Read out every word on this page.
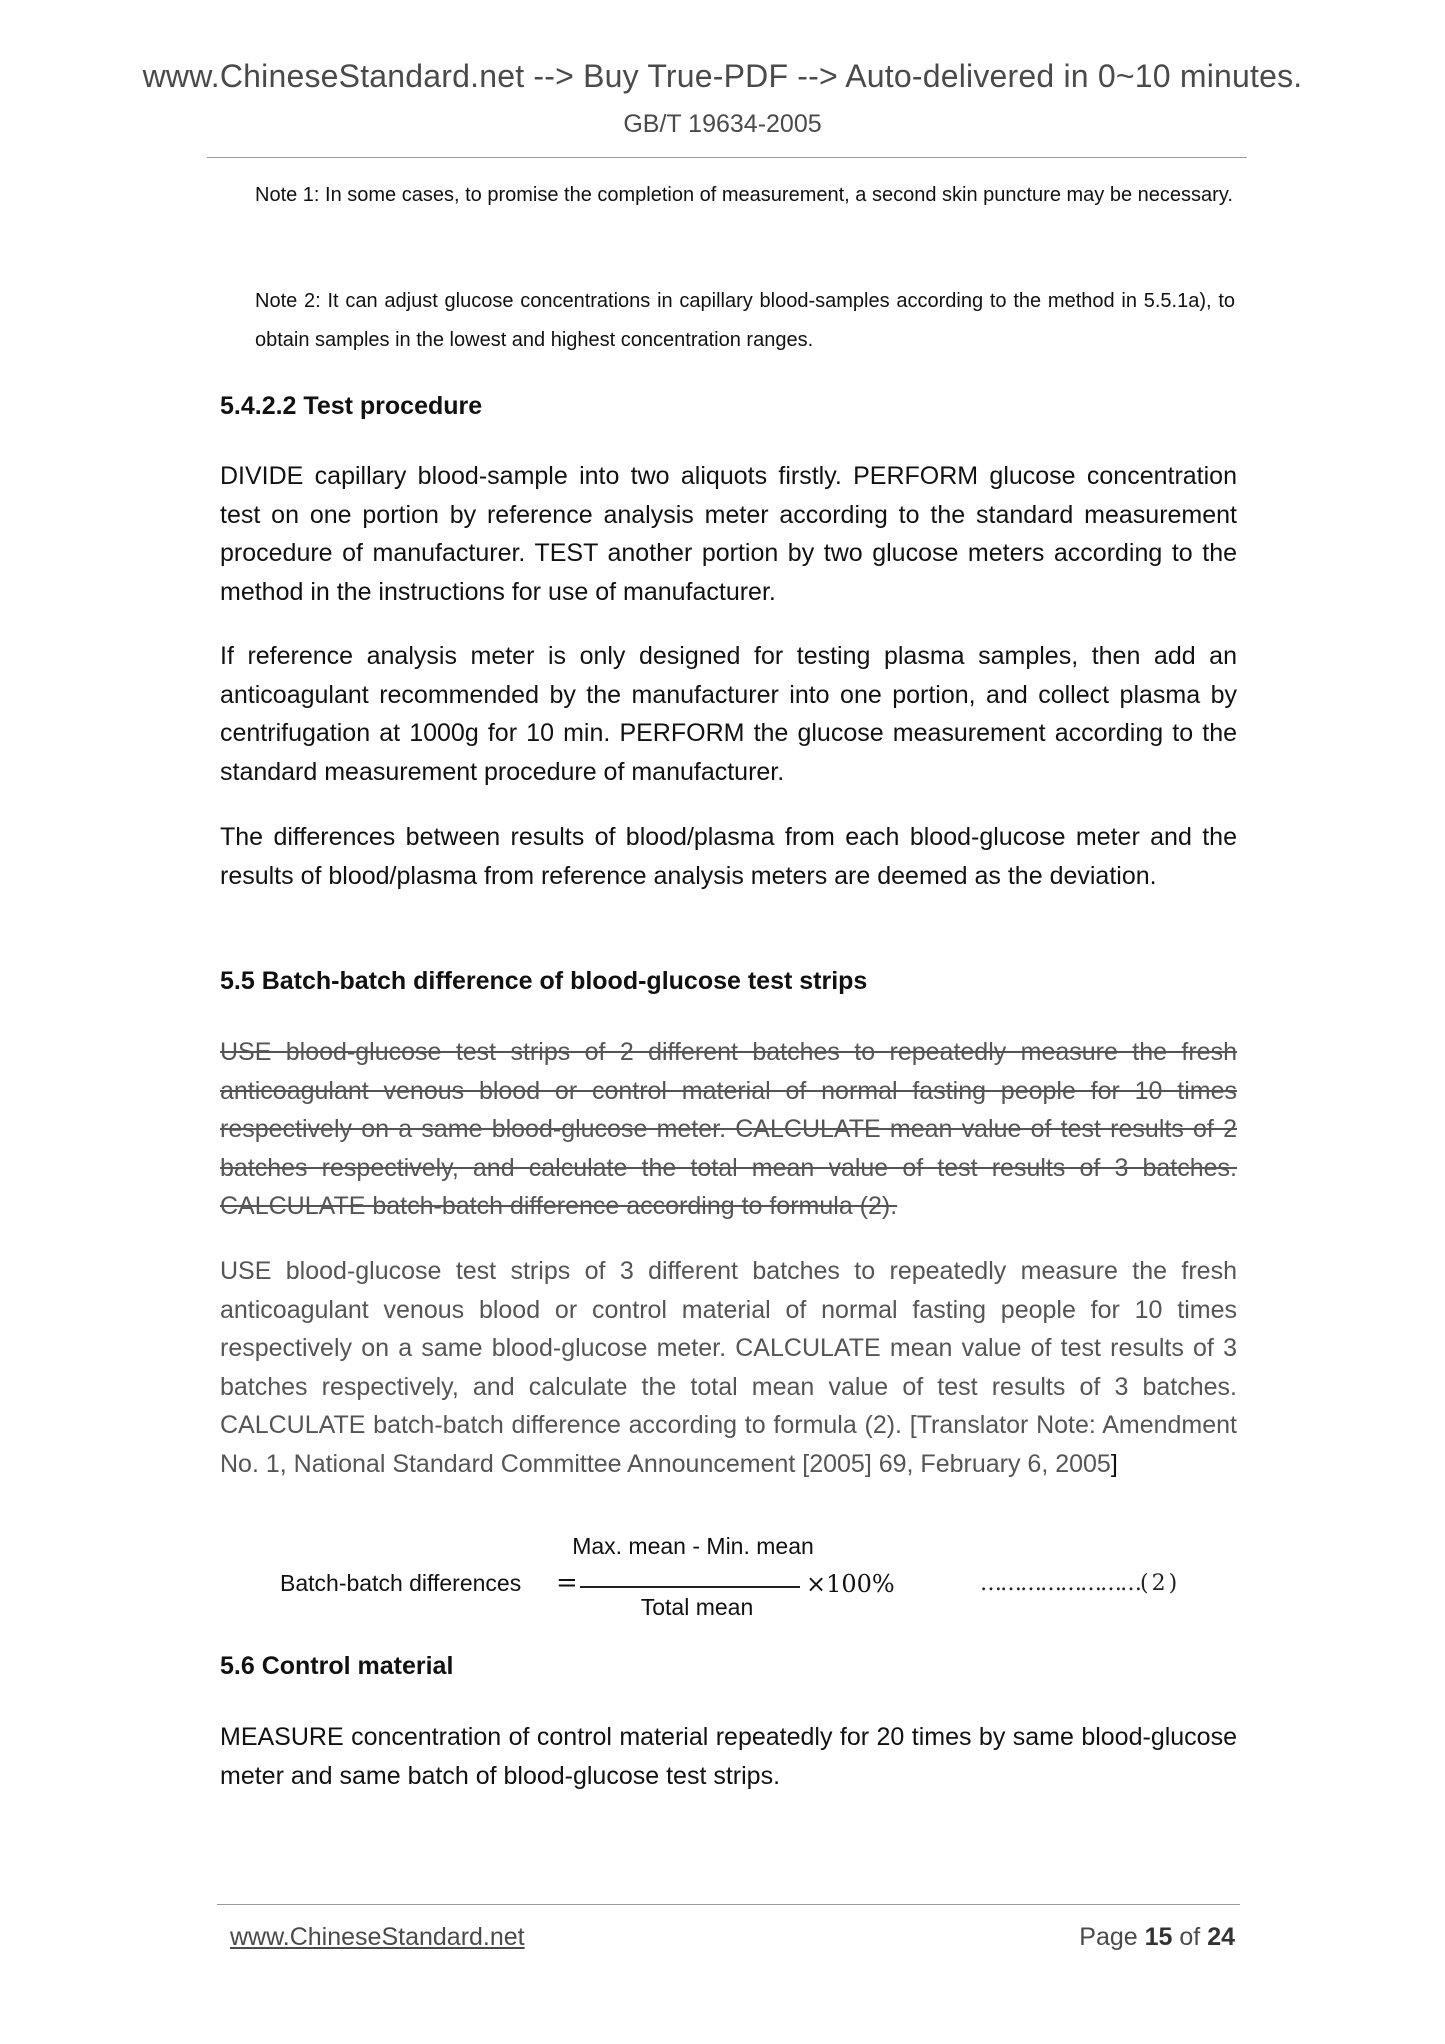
www.ChineseStandard.net --> Buy True-PDF --> Auto-delivered in 0~10 minutes.
GB/T 19634-2005
Note 1: In some cases, to promise the completion of measurement, a second skin puncture may be necessary.
Note 2: It can adjust glucose concentrations in capillary blood-samples according to the method in 5.5.1a), to obtain samples in the lowest and highest concentration ranges.
5.4.2.2 Test procedure
DIVIDE capillary blood-sample into two aliquots firstly. PERFORM glucose concentration test on one portion by reference analysis meter according to the standard measurement procedure of manufacturer. TEST another portion by two glucose meters according to the method in the instructions for use of manufacturer.
If reference analysis meter is only designed for testing plasma samples, then add an anticoagulant recommended by the manufacturer into one portion, and collect plasma by centrifugation at 1000g for 10 min. PERFORM the glucose measurement according to the standard measurement procedure of manufacturer.
The differences between results of blood/plasma from each blood-glucose meter and the results of blood/plasma from reference analysis meters are deemed as the deviation.
5.5 Batch-batch difference of blood-glucose test strips
USE blood-glucose test strips of 2 different batches to repeatedly measure the fresh anticoagulant venous blood or control material of normal fasting people for 10 times respectively on a same blood-glucose meter. CALCULATE mean value of test results of 2 batches respectively, and calculate the total mean value of test results of 3 batches. CALCULATE batch-batch difference according to formula (2).
USE blood-glucose test strips of 3 different batches to repeatedly measure the fresh anticoagulant venous blood or control material of normal fasting people for 10 times respectively on a same blood-glucose meter. CALCULATE mean value of test results of 3 batches respectively, and calculate the total mean value of test results of 3 batches. CALCULATE batch-batch difference according to formula (2). [Translator Note: Amendment No. 1, National Standard Committee Announcement [2005] 69, February 6, 2005]
Batch-batch differences
Max. mean - Min. mean
=	×100%
Total mean
……………………( 2 )
5.6 Control material
MEASURE concentration of control material repeatedly for 20 times by same blood-glucose meter and same batch of blood-glucose test strips.
www.ChineseStandard.net	Page 15 of 24
